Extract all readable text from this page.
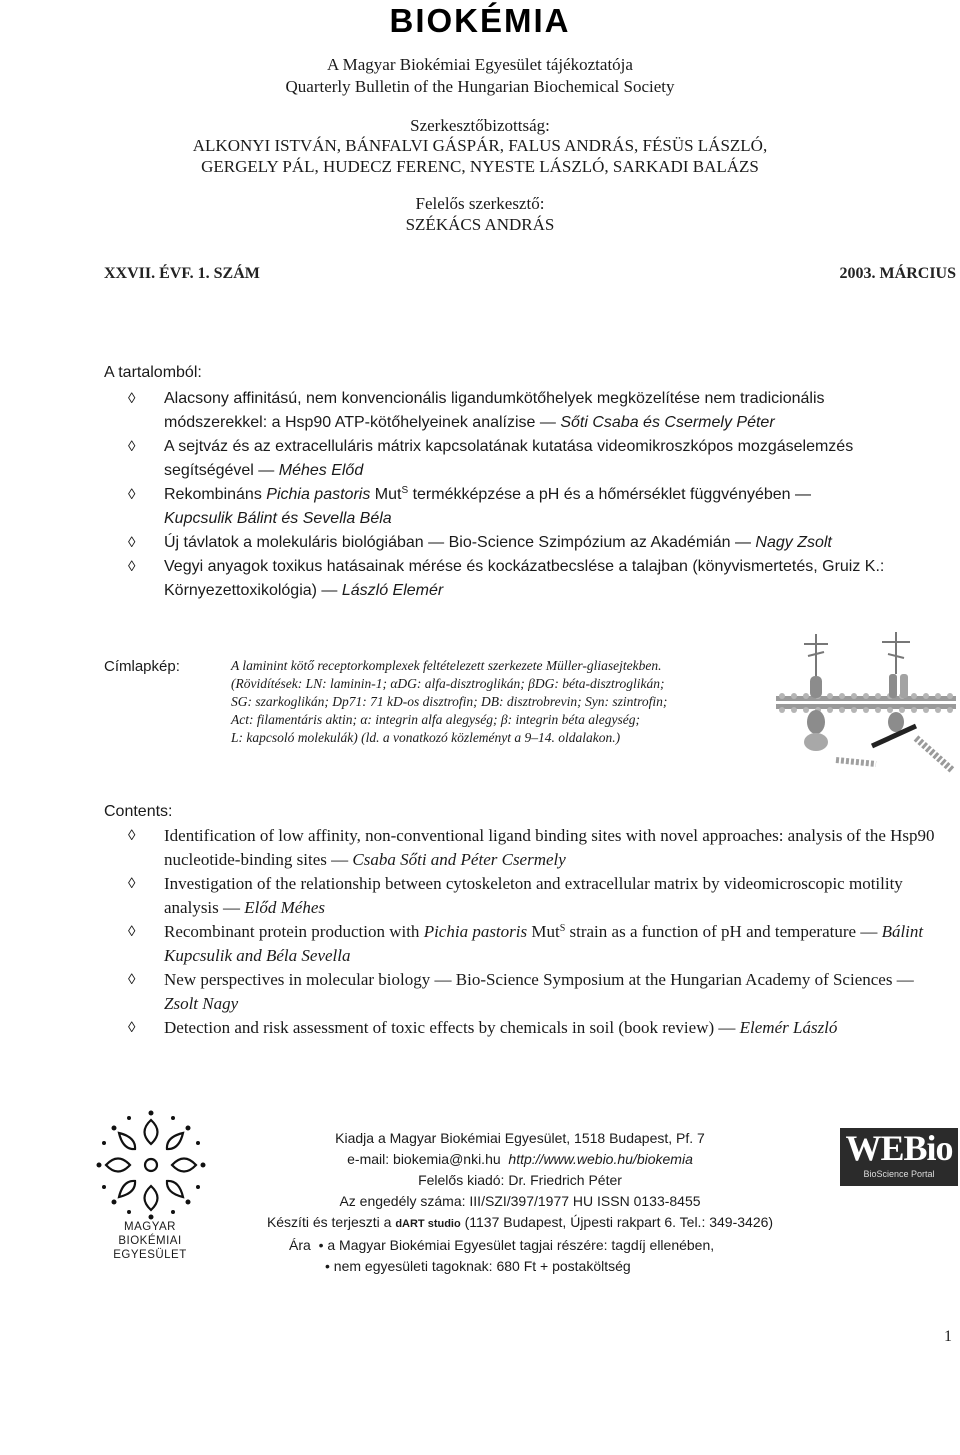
BIOKÉMIA
A Magyar Biokémiai Egyesület tájékoztatója
Quarterly Bulletin of the Hungarian Biochemical Society
Szerkesztőbizottság:
ALKONYI ISTVÁN, BÁNFALVI GÁSPÁR, FALUS ANDRÁS, FÉSÜS LÁSZLÓ,
GERGELY PÁL, HUDECZ FERENC, NYESTE LÁSZLÓ, SARKADI BALÁZS
Felelős szerkesztő:
SZÉKÁCS ANDRÁS
XXVII. ÉVF. 1. SZÁM	2003. MÁRCIUS
A tartalomból:
◊ Alacsony affinitású, nem konvencionális ligandumkötőhelyek megközelítése nem tradicionális módszerekkel: a Hsp90 ATP-kötőhelyeinek analízise — Sőti Csaba és Csermely Péter
◊ A sejtváz és az extracelluláris mátrix kapcsolatának kutatása videomikroszkópos mozgáselemzés segítségével — Méhes Előd
◊ Rekombináns Pichia pastoris Mut$^S$ termékképzése a pH és a hőmérséklet függvényében —
Kupcsulik Bálint és Sevella Béla
◊ Új távlatok a molekuláris biológiában — Bio-Science Szimpózium az Akadémián — Nagy Zsolt
◊ Vegyi anyagok toxikus hatásainak mérése és kockázatbecslése a talajban (könyvismertetés, Gruiz K.: Környezettoxikológia) — László Elemér
Címlapkép:	A laminint kötő receptorkomplexek feltételezett szerkezete Müller-gliasejtekben.
(Rövidítések: LN: laminin-1; αDG: alfa-disztroglikán; βDG: béta-disztroglikán;
SG: szarkoglikán; Dp71: 71 kD-os disztrofin; DB: disztrobrevin; Syn: szintrofin;
Act: filamentáris aktin; α: integrin alfa alegység; β: integrin béta alegység;
L: kapcsoló molekulák) (ld. a vonatkozó közleményt a 9–14. oldalakon.)
Contents:
◊ Identification of low affinity, non-conventional ligand binding sites with novel approaches: analysis of the Hsp90 nucleotide-binding sites — Csaba Sőti and Péter Csermely
◊ Investigation of the relationship between cytoskeleton and extracellular matrix by videomicroscopic motility analysis — Előd Méhes
◊ Recombinant protein production with Pichia pastoris Mut$^S$ strain as a function of pH and temperature — Bálint Kupcsulik and Béla Sevella
◊ New perspectives in molecular biology — Bio-Science Symposium at the Hungarian Academy of Sciences — Zsolt Nagy
◊ Detection and risk assessment of toxic effects by chemicals in soil (book review) — Elemér László
MAGYAR
BIOKÉMIAI
EGYESÜLET
Kiadja a Magyar Biokémiai Egyesület, 1518 Budapest, Pf. 7
e-mail: biokemia@nki.hu http://www.webio.hu/biokemia
Felelős kiadó: Dr. Friedrich Péter
Az engedély száma: III/SZI/397/1977 HU ISSN 0133-8455
Készíti és terjeszti a dART studio (1137 Budapest, Újpesti rakpart 6. Tel.: 349-3426)
Ára • a Magyar Biokémiai Egyesület tagjai részére: tagdíj ellenében,
• nem egyesületi tagoknak: 680 Ft + postaköltség
WEBio
BioScience Portal
1
